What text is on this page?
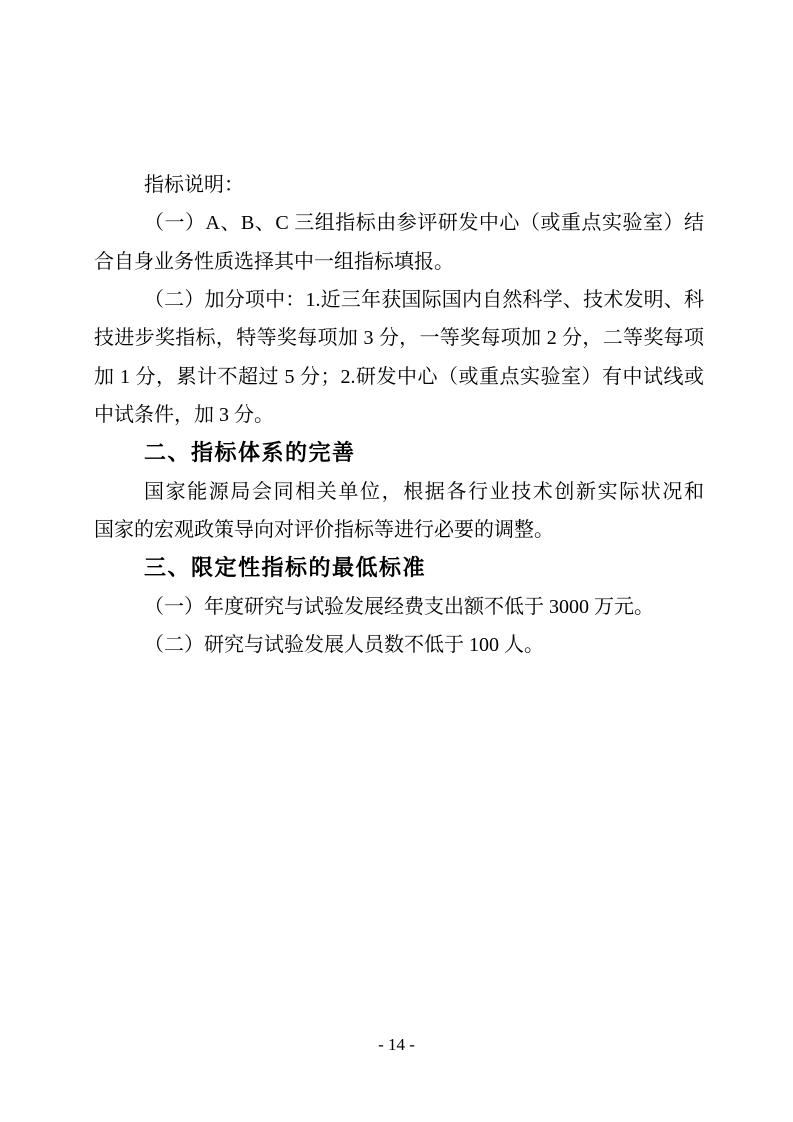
指标说明：
（一）A、B、C 三组指标由参评研发中心（或重点实验室）结
合自身业务性质选择其中一组指标填报。
（二）加分项中：1.近三年获国际国内自然科学、技术发明、科
技进步奖指标，特等奖每项加 3 分，一等奖每项加 2 分，二等奖每项
加 1 分，累计不超过 5 分；2.研发中心（或重点实验室）有中试线或
中试条件，加 3 分。
二、指标体系的完善
国家能源局会同相关单位，根据各行业技术创新实际状况和
国家的宏观政策导向对评价指标等进行必要的调整。
三、限定性指标的最低标准
（一）年度研究与试验发展经费支出额不低于 3000 万元。
（二）研究与试验发展人员数不低于 100 人。
- 14 -
